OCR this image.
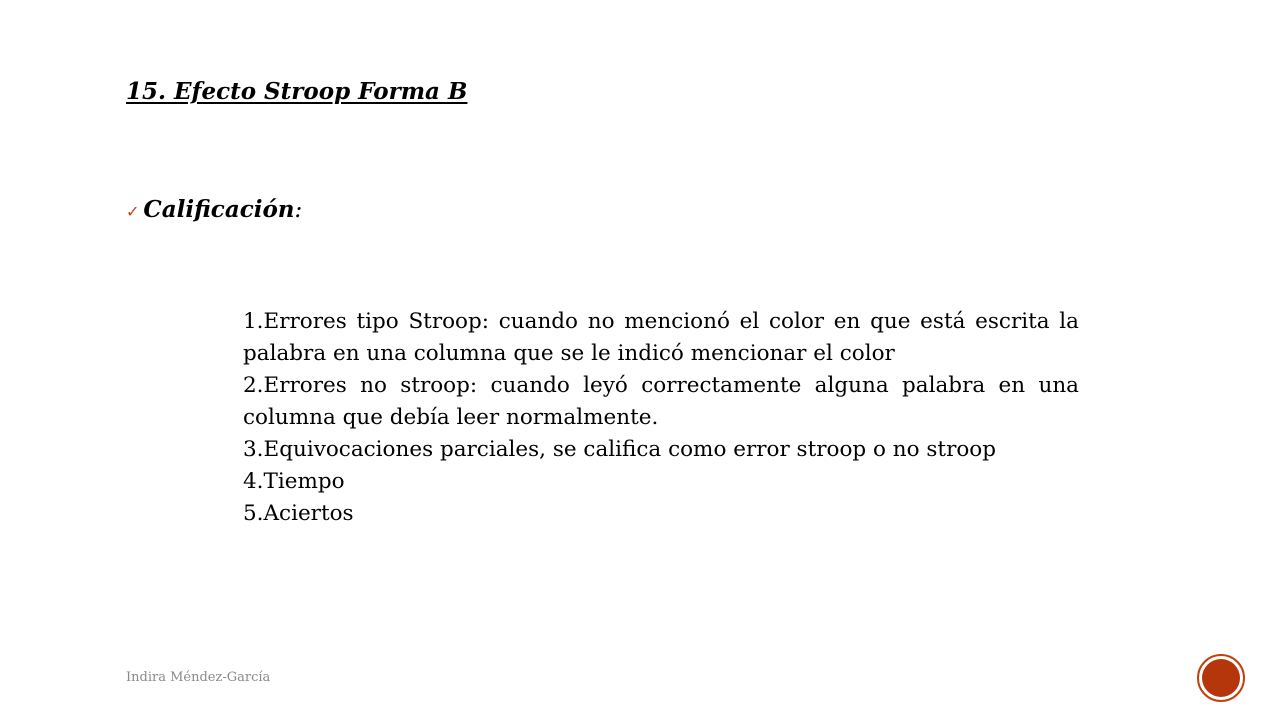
15. Efecto Stroop Forma B
✓ Calificación :
1.Errores tipo Stroop: cuando no mencionó el color en que está escrita la palabra en una columna que se le indicó mencionar el color
2.Errores no stroop: cuando leyó correctamente alguna palabra en una columna que debía leer normalmente.
3.Equivocaciones parciales, se califica como error stroop o no stroop
4.Tiempo
5.Aciertos
Indira Méndez-García
